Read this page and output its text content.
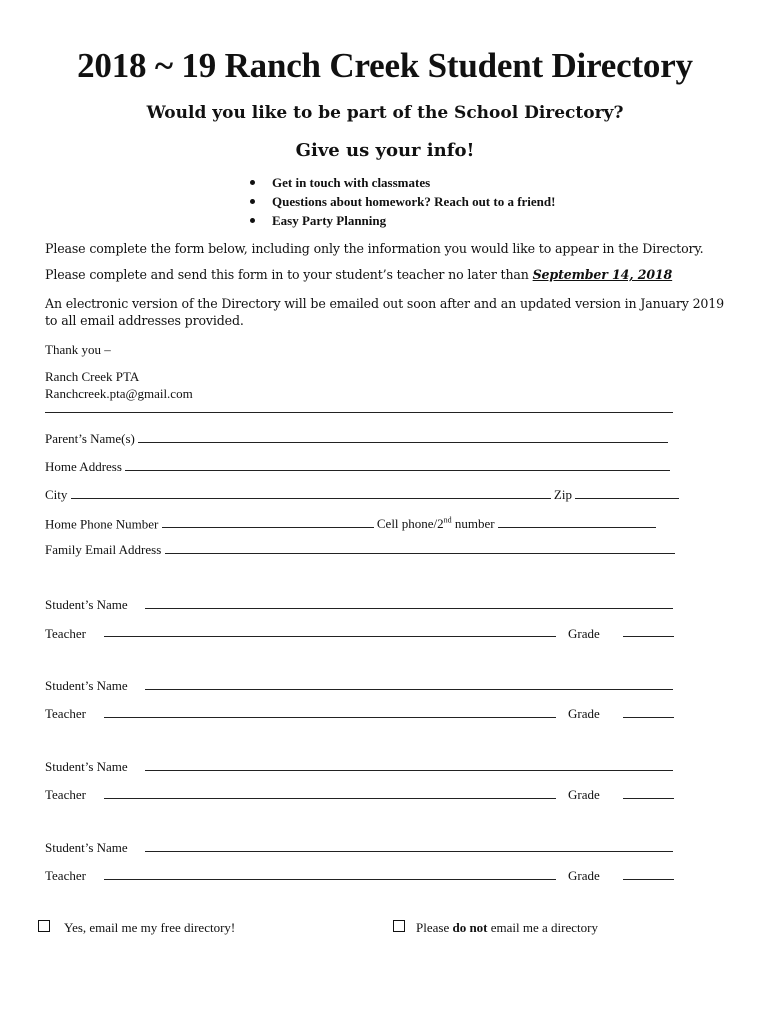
2018 ~ 19 Ranch Creek Student Directory

Would you like to be part of the School Directory?

Give us your info!

Get in touch with classmates
Questions about homework? Reach out to a friend!
Easy Party Planning

Please complete the form below, including only the information you would like to appear in the Directory.

Please complete and send this form in to your student’s teacher no later than September 14, 2018

An electronic version of the Directory will be emailed out soon after and an updated version in January 2019 to all email addresses provided.

Thank you –

Ranch Creek PTA

Ranchcreek.pta@gmail.com

Parent’s Name(s)
Home Address
City	Zip
Home Phone Number	Cell phone/2nd number
Family Email Address
Student’s Name
Teacher	Grade
Student’s Name
Teacher	Grade
Student’s Name
Teacher	Grade
Student’s Name
Teacher	Grade
Yes, email me my free directory!	Please do not email me a directory
